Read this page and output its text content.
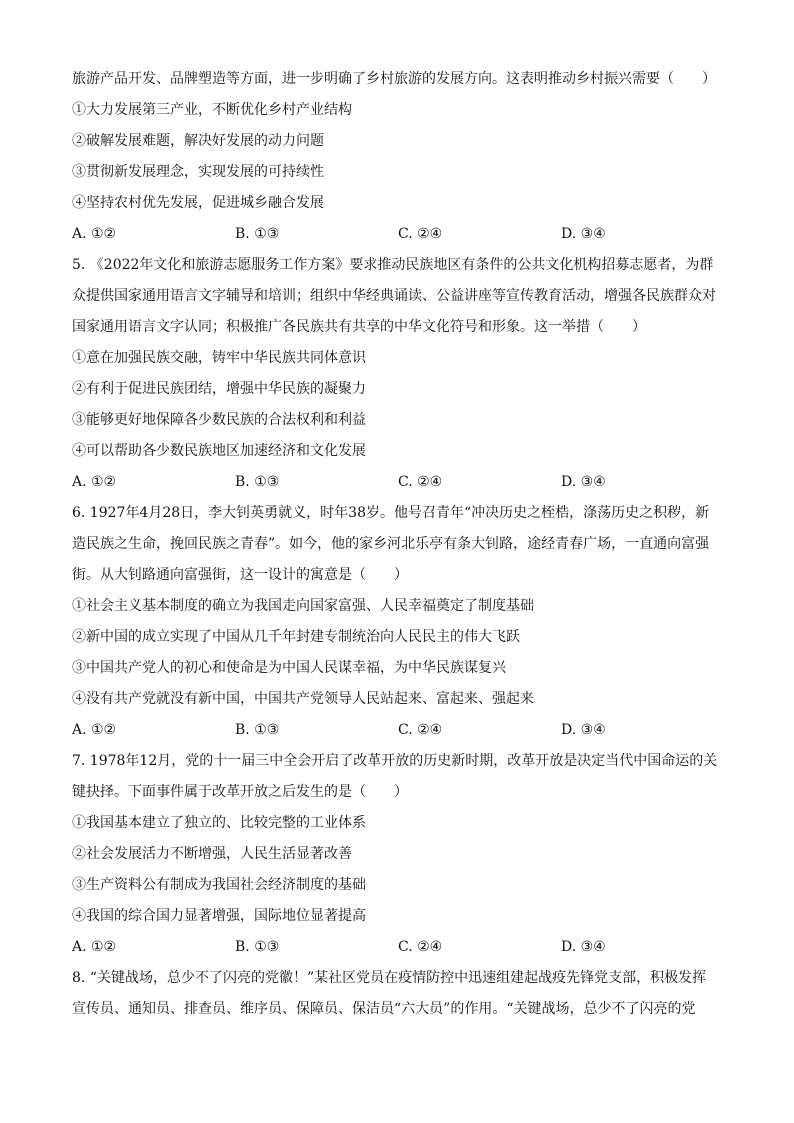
旅游产品开发、品牌塑造等方面，进一步明确了乡村旅游的发展方向。这表明推动乡村振兴需要（　　）
①大力发展第三产业，不断优化乡村产业结构
②破解发展难题，解决好发展的动力问题
③贯彻新发展理念，实现发展的可持续性
④坚持农村优先发展，促进城乡融合发展
A. ①②	B. ①③	C. ②④	D. ③④
5. 《2022年文化和旅游志愿服务工作方案》要求推动民族地区有条件的公共文化机构招募志愿者，为群
众提供国家通用语言文字辅导和培训；组织中华经典诵读、公益讲座等宣传教育活动，增强各民族群众对
国家通用语言文字认同；积极推广各民族共有共享的中华文化符号和形象。这一举措（　　）
①意在加强民族交融，铸牢中华民族共同体意识
②有利于促进民族团结，增强中华民族的凝聚力
③能够更好地保障各少数民族的合法权利和利益
④可以帮助各少数民族地区加速经济和文化发展
A. ①②	B. ①③	C. ②④	D. ③④
6. 1927年4月28日，李大钊英勇就义，时年38岁。他号召青年“冲决历史之桎梏，涤荡历史之积秽，新
造民族之生命，挽回民族之青春”。如今，他的家乡河北乐亭有条大钊路，途经青春广场，一直通向富强
街。从大钊路通向富强街，这一设计的寓意是（　　）
①社会主义基本制度的确立为我国走向国家富强、人民幸福奠定了制度基础
②新中国的成立实现了中国从几千年封建专制统治向人民民主的伟大飞跃
③中国共产党人的初心和使命是为中国人民谋幸福，为中华民族谋复兴
④没有共产党就没有新中国，中国共产党领导人民站起来、富起来、强起来
A. ①②	B. ①③	C. ②④	D. ③④
7. 1978年12月，党的十一届三中全会开启了改革开放的历史新时期，改革开放是决定当代中国命运的关
键抉择。下面事件属于改革开放之后发生的是（　　）
①我国基本建立了独立的、比较完整的工业体系
②社会发展活力不断增强，人民生活显著改善
③生产资料公有制成为我国社会经济制度的基础
④我国的综合国力显著增强，国际地位显著提高
A. ①②	B. ①③	C. ②④	D. ③④
8. “关键战场，总少不了闪亮的党徽！”某社区党员在疫情防控中迅速组建起战疫先锋党支部，积极发挥
宣传员、通知员、排查员、维序员、保障员、保洁员“六大员”的作用。“关键战场，总少不了闪亮的党
